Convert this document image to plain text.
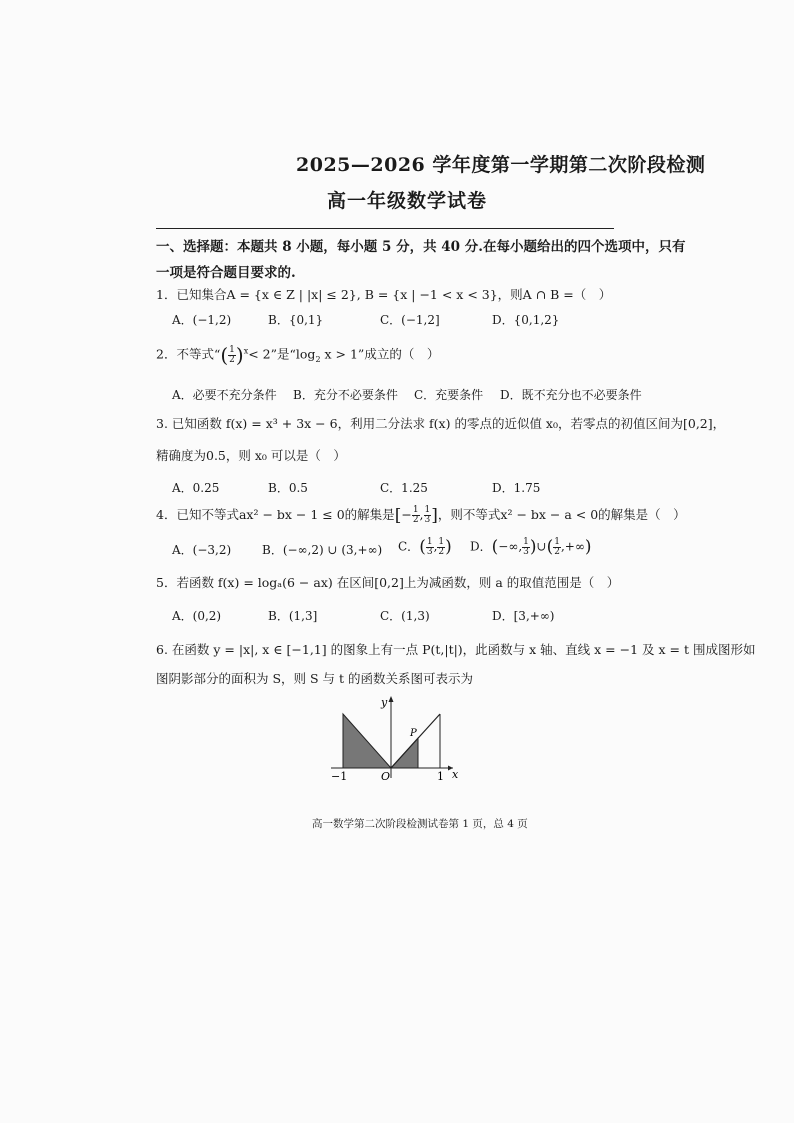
2025—2026 学年度第一学期第二次阶段检测
高一年级数学试卷
一、选择题：本题共 8 小题，每小题 5 分，共 40 分.在每小题给出的四个选项中，只有
一项是符合题目要求的.
1．已知集合A = {x ∈ Z | |x| ≤ 2}, B = {x | −1 < x < 3}，则A ∩ B =（　）
A．(−1,2)	B．{0,1}	C．(−1,2]	D．{0,1,2}
2．不等式“( $\frac{1}{2} )^x< 2$”是“$\log_2$ x > 1”成立的（　）
A．必要不充分条件 B．充分不必要条件 C．充要条件 D．既不充分也不必要条件
3. 已知函数 f(x) = x³ + 3x − 6，利用二分法求 f(x) 的零点的近似值 x₀，若零点的初值区间为[0,2]，
精确度为0.5，则 x₀ 可以是（　）
A．0.25	B．0.5	C．1.25	D．1.75
4．已知不等式ax² − bx − 1 ≤ 0的解集是[− $\frac{1}{2}$ , $\frac{1}{3}$ ]，则不等式x² − bx − a < 0的解集是（　）
A．(−3,2)	B．(−∞,2) ∪ (3,+∞) C．( $\frac{1}{3}$ , $\frac{1}{2}$ ) D．(−∞, $\frac{1}{3}$ )∪( $\frac{1}{2}$ ,+∞)
5．若函数 f(x) = logₐ(6 − ax) 在区间[0,2]上为减函数，则 a 的取值范围是（　）
A．(0,2)	B．(1,3]	C．(1,3)	D．[3,+∞)
6. 在函数 y = |x|, x ∈ [−1,1] 的图象上有一点 P(t,|t|)，此函数与 x 轴、直线 x = −1 及 x = t 围成图形如
图阴影部分的面积为 S，则 S 与 t 的函数关系图可表示为
y
x
P
O
−1	1
高一数学第二次阶段检测试卷第 1 页，总 4 页
